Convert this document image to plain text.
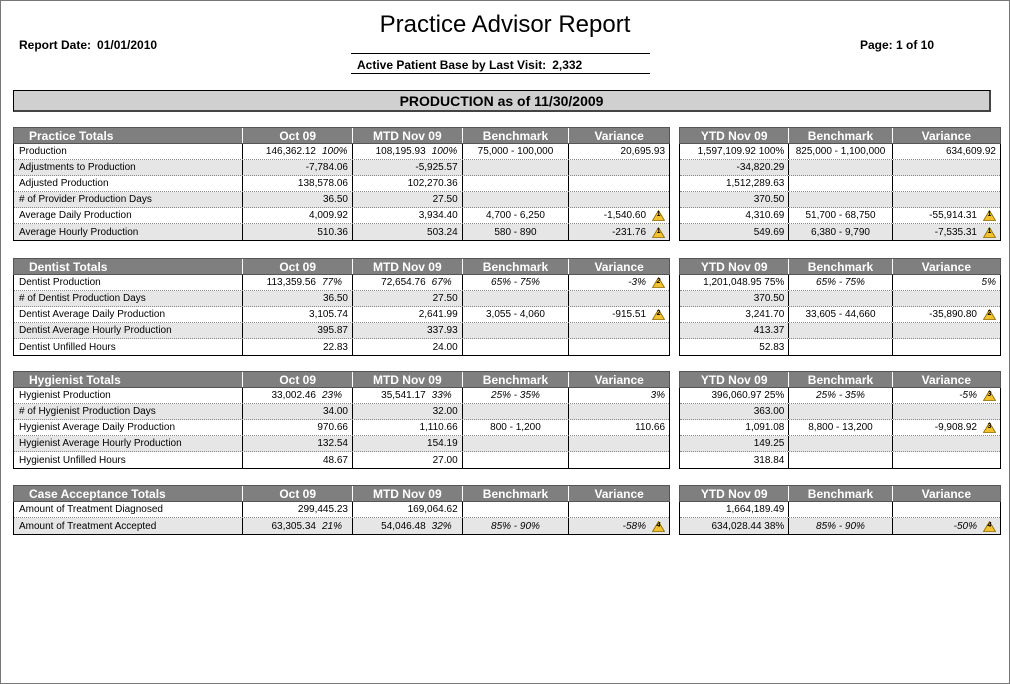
Practice Advisor Report
Report Date: 01/01/2010	Page: 1 of 10
Active Patient Base by Last Visit: 2,332
PRODUCTION as of 11/30/2009
Practice Totals	Oct 09	MTD Nov 09	Benchmark	Variance
Production	146,362.12 100%	108,195.93 100%	75,000 - 100,000	20,695.93
Adjustments to Production	-7,784.06	-5,925.57
Adjusted Production	138,578.06	102,270.36
# of Provider Production Days	36.50	27.50
Average Daily Production	4,009.92	3,934.40	4,700 - 6,250	-1,540.60	1
Average Hourly Production	510.36	503.24	580 - 890	-231.76	1
YTD Nov 09	Benchmark	Variance
1,597,109.92 100%	825,000 - 1,100,000	634,609.92
-34,820.29
1,512,289.63
370.50
4,310.69	51,700 - 68,750	-55,914.31	1
549.69	6,380 - 9,790	-7,535.31	1
Dentist Totals	Oct 09	MTD Nov 09	Benchmark	Variance
Dentist Production	113,359.56 77%	72,654.76 67%	65% - 75%	-3%	2
# of Dentist Production Days	36.50	27.50
Dentist Average Daily Production	3,105.74	2,641.99	3,055 - 4,060	-915.51	2
Dentist Average Hourly Production	395.87	337.93
Dentist Unfilled Hours	22.83	24.00
YTD Nov 09	Benchmark	Variance
1,201,048.95 75%	65% - 75%	5%
370.50
3,241.70	33,605 - 44,660	-35,890.80	2
413.37
52.83
Hygienist Totals	Oct 09	MTD Nov 09	Benchmark	Variance
Hygienist Production	33,002.46 23%	35,541.17 33%	25% - 35%	3%
# of Hygienist Production Days	34.00	32.00
Hygienist Average Daily Production	970.66	1,110.66	800 - 1,200	110.66
Hygienist Average Hourly Production	132.54	154.19
Hygienist Unfilled Hours	48.67	27.00
YTD Nov 09	Benchmark	Variance
396,060.97 25%	25% - 35%	-5%	3
363.00
1,091.08	8,800 - 13,200	-9,908.92	3
149.25
318.84
Case Acceptance Totals	Oct 09	MTD Nov 09	Benchmark	Variance
Amount of Treatment Diagnosed	299,445.23	169,064.62
Amount of Treatment Accepted	63,305.34 21%	54,046.48 32%	85% - 90%	-58%	4
YTD Nov 09	Benchmark	Variance
1,664,189.49
634,028.44 38%	85% - 90%	-50%	4
